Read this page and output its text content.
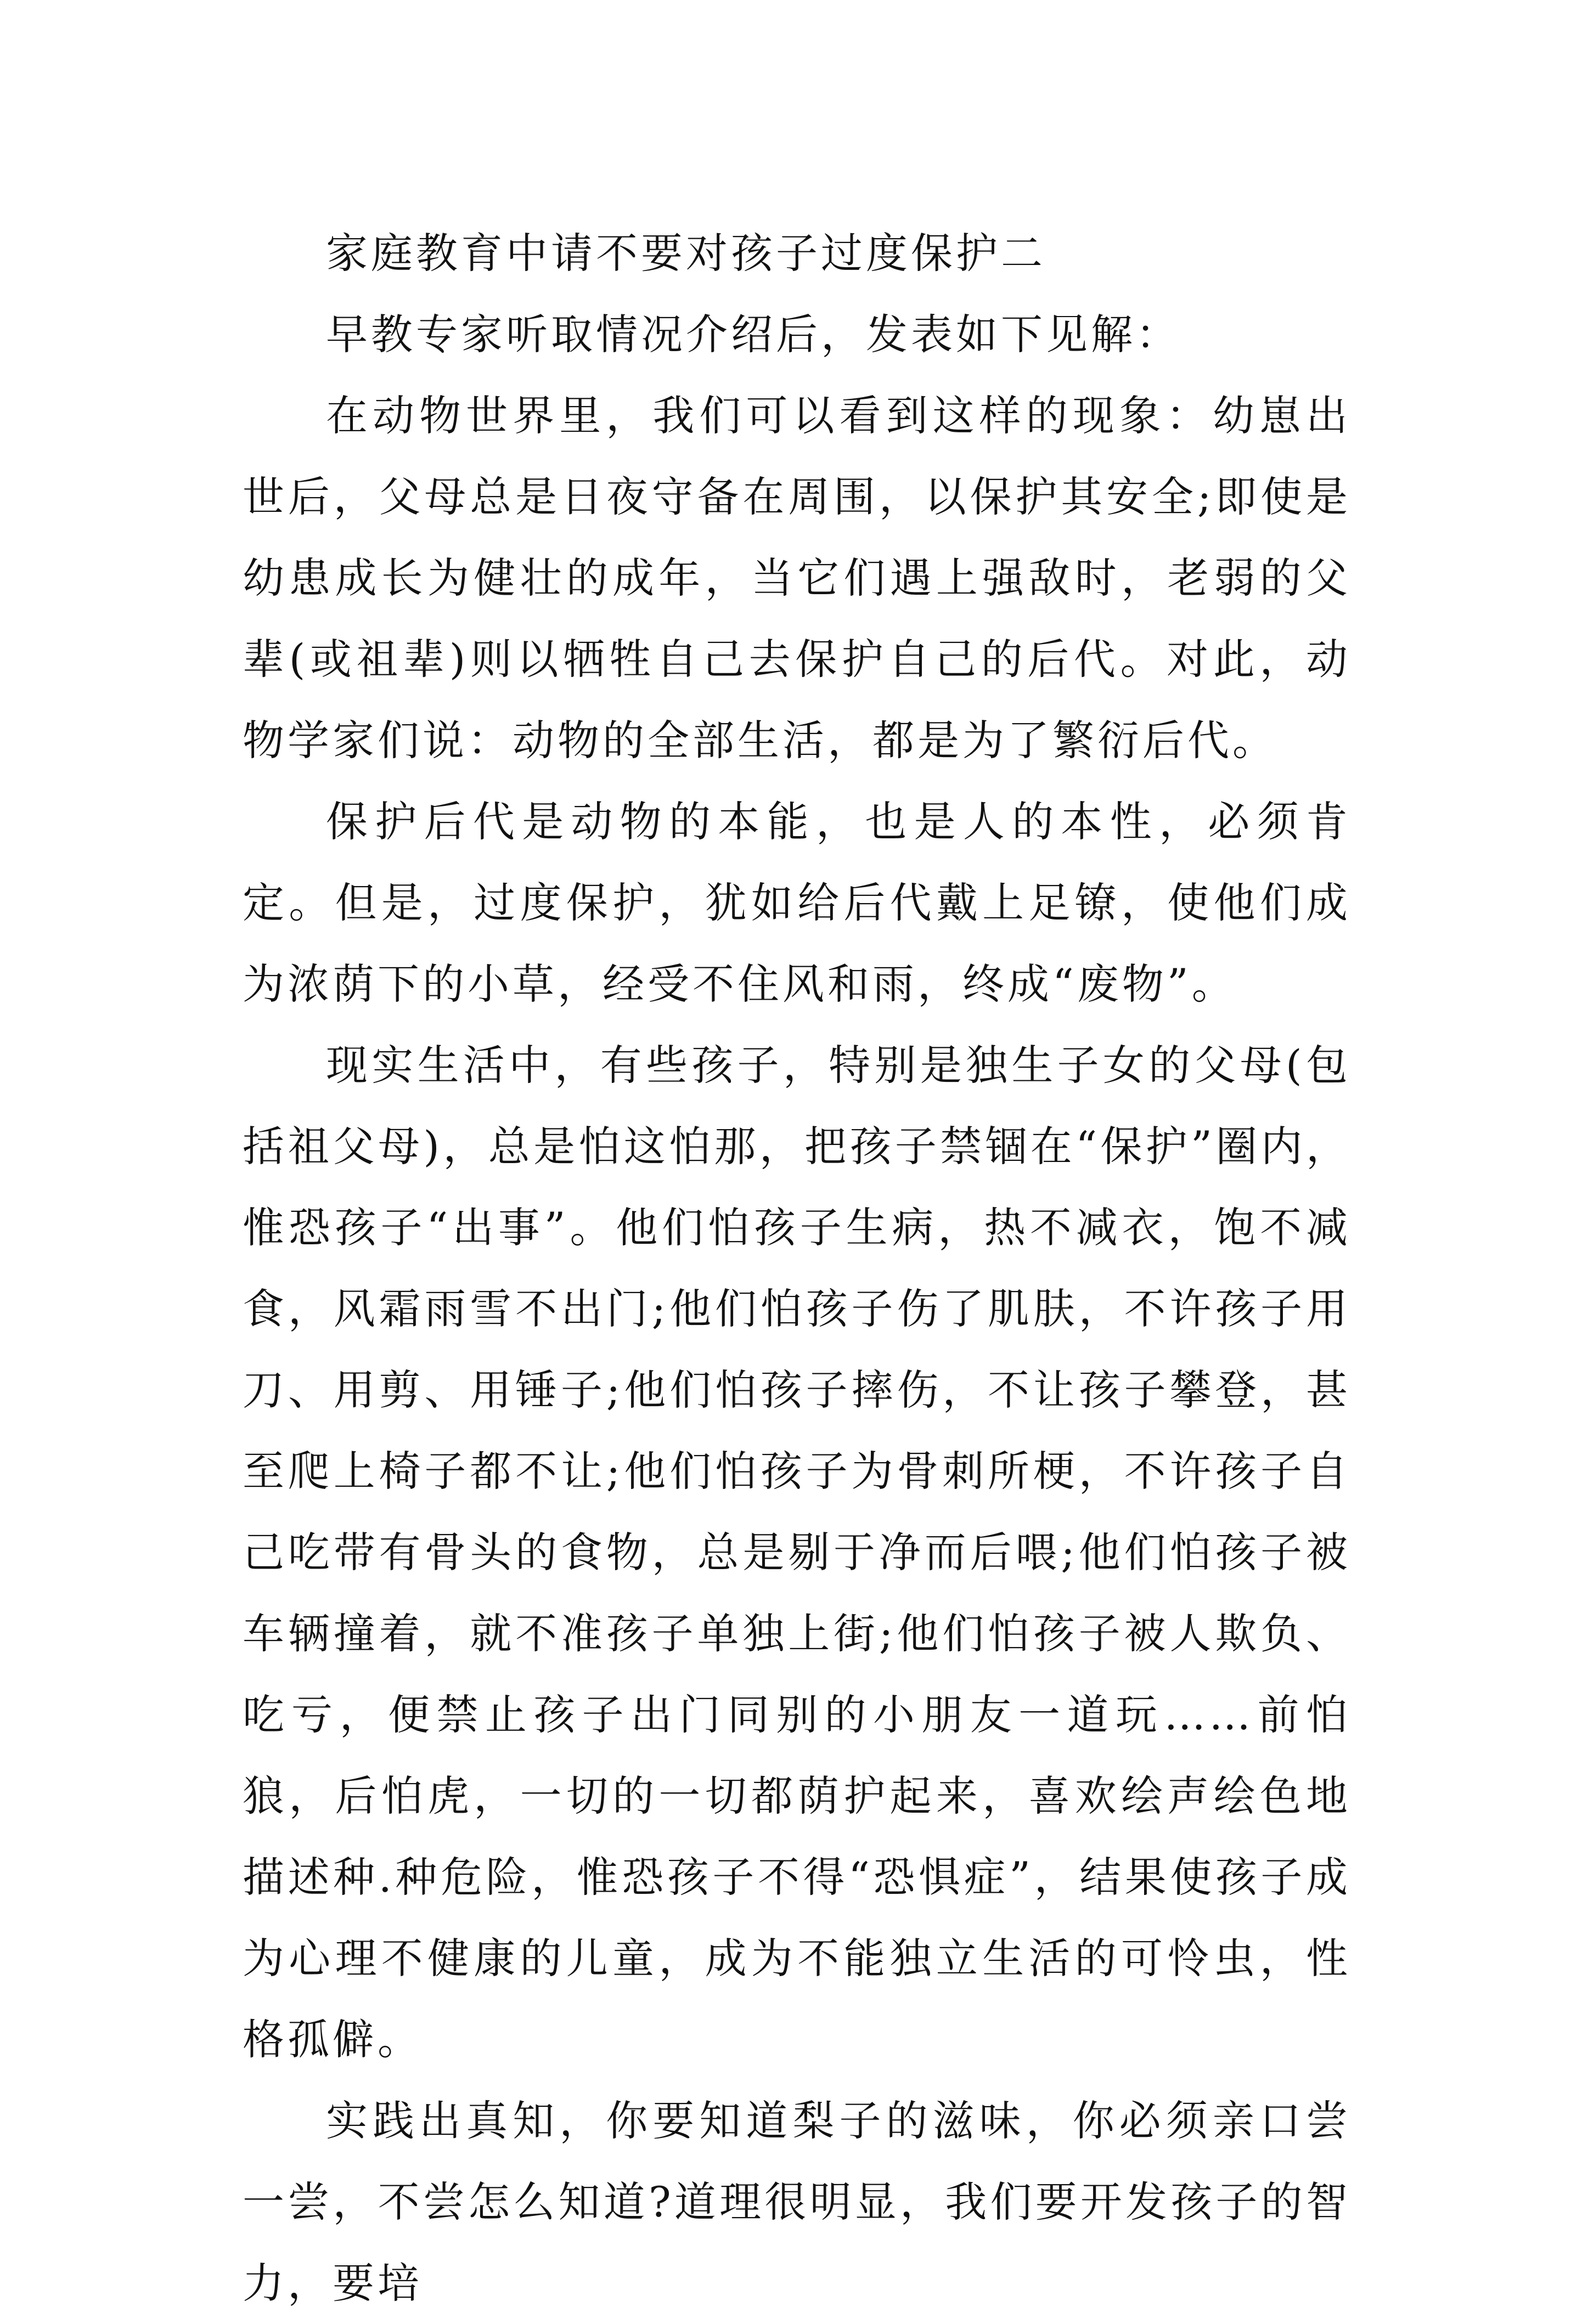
家庭教育中请不要对孩子过度保护二

早教专家听取情况介绍后，发表如下见解：

在动物世界里，我们可以看到这样的现象：幼崽出世后，父母总是日夜守备在周围，以保护其安全;即使是幼患成长为健壮的成年，当它们遇上强敌时，老弱的父辈(或祖辈)则以牺牲自己去保护自己的后代。对此，动物学家们说：动物的全部生活，都是为了繁衍后代。

保护后代是动物的本能，也是人的本性，必须肯定。但是，过度保护，犹如给后代戴上足镣，使他们成为浓荫下的小草，经受不住风和雨，终成“废物”。

现实生活中，有些孩子，特别是独生子女的父母(包括祖父母)，总是怕这怕那，把孩子禁锢在“保护”圈内，惟恐孩子“出事”。他们怕孩子生病，热不减衣，饱不减食，风霜雨雪不出门;他们怕孩子伤了肌肤，不许孩子用刀、用剪、用锤子;他们怕孩子摔伤，不让孩子攀登，甚至爬上椅子都不让;他们怕孩子为骨刺所梗，不许孩子自己吃带有骨头的食物，总是剔于净而后喂;他们怕孩子被车辆撞着，就不准孩子单独上街;他们怕孩子被人欺负、吃亏，便禁止孩子出门同别的小朋友一道玩……前怕狼，后怕虎，一切的一切都荫护起来，喜欢绘声绘色地描述种.种危险，惟恐孩子不得“恐惧症”，结果使孩子成为心理不健康的儿童，成为不能独立生活的可怜虫，性格孤僻。

实践出真知，你要知道梨子的滋味，你必须亲口尝一尝，不尝怎么知道?道理很明显，我们要开发孩子的智力，要培
